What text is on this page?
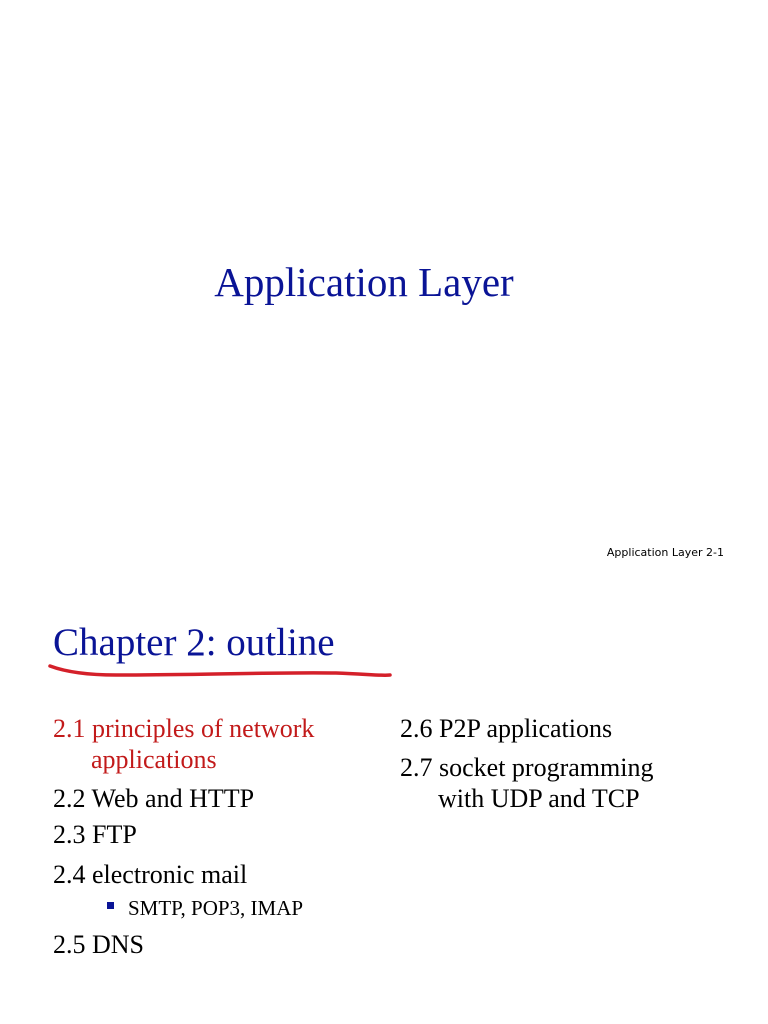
Application Layer
Application Layer 2-1
Chapter 2: outline
2.1 principles of network
applications
2.2 Web and HTTP
2.3 FTP
2.4 electronic mail
SMTP, POP3, IMAP
2.5 DNS
2.6 P2P applications
2.7 socket programming
with UDP and TCP
